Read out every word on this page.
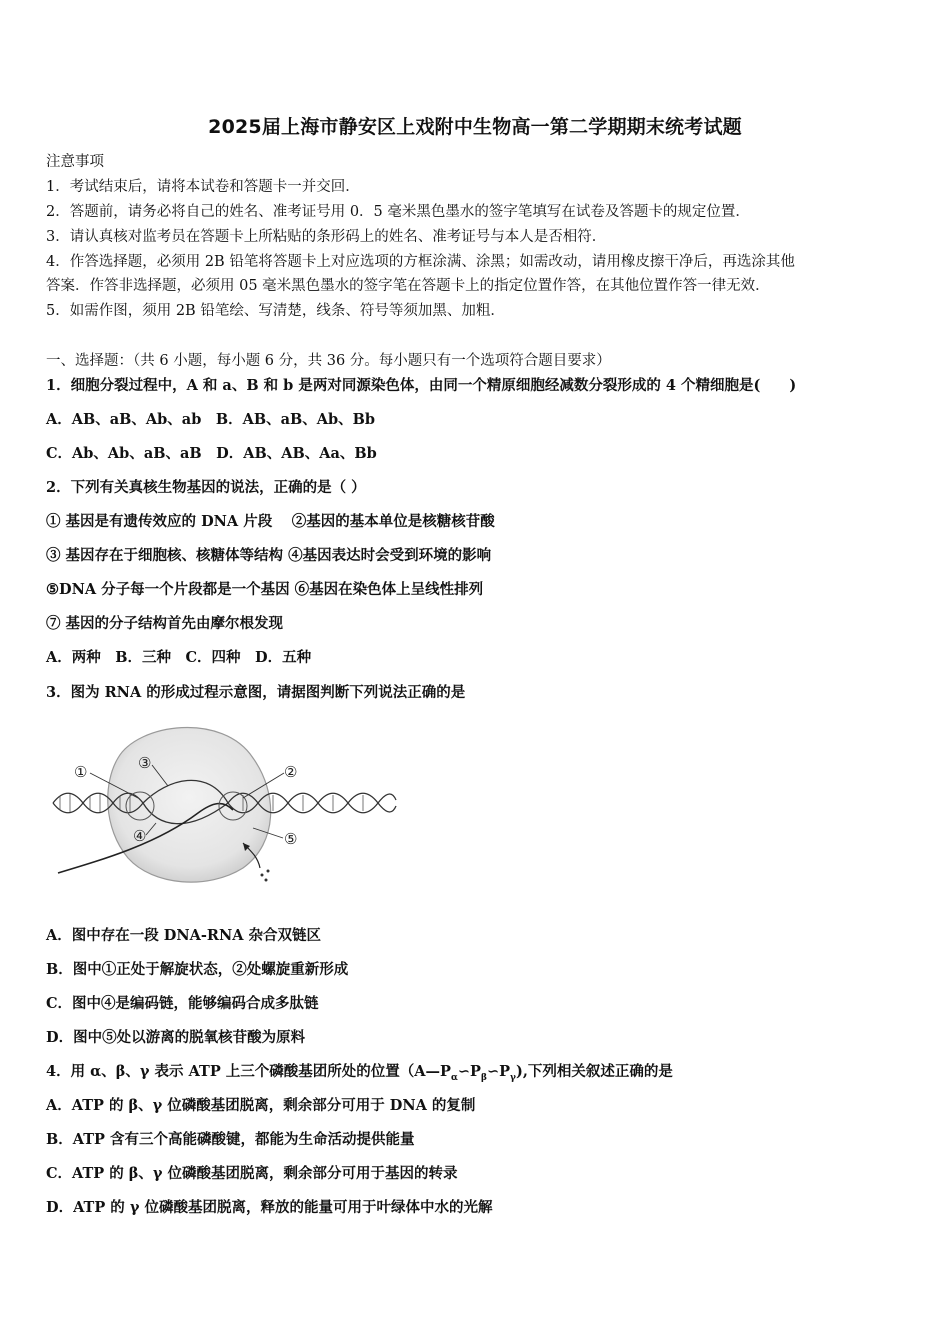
2025届上海市静安区上戏附中生物高一第二学期期末统考试题
注意事项
1．考试结束后，请将本试卷和答题卡一并交回．
2．答题前，请务必将自己的姓名、准考证号用 0．5 毫米黑色墨水的签字笔填写在试卷及答题卡的规定位置．
3．请认真核对监考员在答题卡上所粘贴的条形码上的姓名、准考证号与本人是否相符．
4．作答选择题，必须用 2B 铅笔将答题卡上对应选项的方框涂满、涂黑；如需改动，请用橡皮擦干净后，再选涂其他
答案．作答非选择题，必须用 05 毫米黑色墨水的签字笔在答题卡上的指定位置作答，在其他位置作答一律无效．
5．如需作图，须用 2B 铅笔绘、写清楚，线条、符号等须加黑、加粗．
一、选择题：（共 6 小题，每小题 6 分，共 36 分。每小题只有一个选项符合题目要求）
1．细胞分裂过程中，A 和 a、B 和 b 是两对同源染色体，由同一个精原细胞经减数分裂形成的 4 个精细胞是(　　)
A．AB、aB、Ab、ab　B．AB、aB、Ab、Bb
C．Ab、Ab、aB、aB　D．AB、AB、Aa、Bb
2．下列有关真核生物基因的说法，正确的是（ ）
① 基因是有遗传效应的 DNA 片段　 ②基因的基本单位是核糖核苷酸
③ 基因存在于细胞核、核糖体等结构 ④基因表达时会受到环境的影响
⑤DNA 分子每一个片段都是一个基因 ⑥基因在染色体上呈线性排列
⑦ 基因的分子结构首先由摩尔根发现
A．两种　B．三种　C．四种　D．五种
3．图为 RNA 的形成过程示意图，请据图判断下列说法正确的是
①	③	②
④	⑤
A．图中存在一段 DNA-RNA 杂合双链区
B．图中①正处于解旋状态，②处螺旋重新形成
C．图中④是编码链，能够编码合成多肽链
D．图中⑤处以游离的脱氧核苷酸为原料
4．用 α、β、γ 表示 ATP 上三个磷酸基团所处的位置$(A—P_\alpha∽P_\beta∽P_\gamma)$,下列相关叙述正确的是
A．ATP 的 β、γ 位磷酸基团脱离，剩余部分可用于 DNA 的复制
B．ATP 含有三个高能磷酸键，都能为生命活动提供能量
C．ATP 的 β、γ 位磷酸基团脱离，剩余部分可用于基因的转录
D．ATP 的 γ 位磷酸基团脱离，释放的能量可用于叶绿体中水的光解
